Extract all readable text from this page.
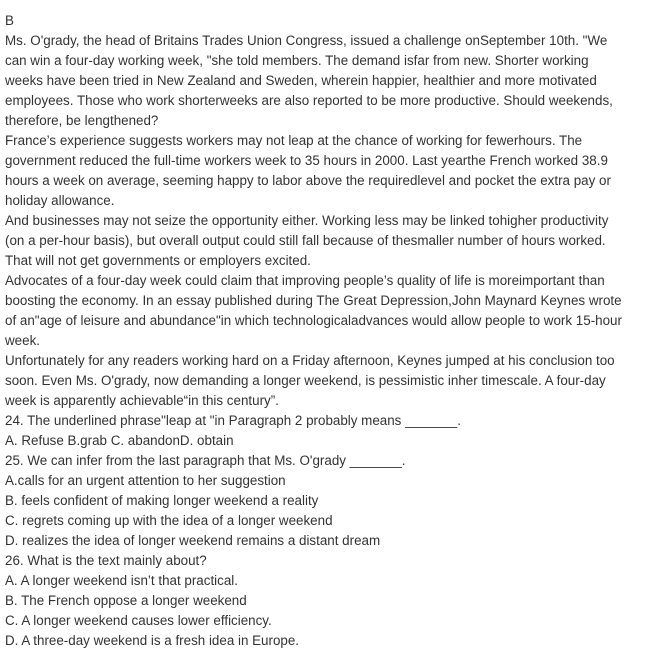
B
Ms. O'grady, the head of Britains Trades Union Congress, issued a challenge onSeptember 10th. "We
can win a four-day working week, "she told members. The demand isfar from new. Shorter working
weeks have been tried in New Zealand and Sweden, wherein happier, healthier and more motivated
employees. Those who work shorterweeks are also reported to be more productive. Should weekends,
therefore, be lengthened?
France’s experience suggests workers may not leap at the chance of working for fewerhours. The
government reduced the full-time workers week to 35 hours in 2000. Last yearthe French worked 38.9
hours a week on average, seeming happy to labor above the requiredlevel and pocket the extra pay or
holiday allowance.
And businesses may not seize the opportunity either. Working less may be linked tohigher productivity
(on a per-hour basis), but overall output could still fall because of thesmaller number of hours worked.
That will not get governments or employers excited.
Advocates of a four-day week could claim that improving people’s quality of life is moreimportant than
boosting the economy. In an essay published during The Great Depression,John Maynard Keynes wrote
of an"age of leisure and abundance"in which technologicaladvances would allow people to work 15-hour
week.
Unfortunately for any readers working hard on a Friday afternoon, Keynes jumped at his conclusion too
soon. Even Ms. O'grady, now demanding a longer weekend, is pessimistic inher timescale. A four-day
week is apparently achievable“in this century”.
24. The underlined phrase"leap at "in Paragraph 2 probably means _______.
A. Refuse B.grab C. abandonD. obtain
25. We can infer from the last paragraph that Ms. O'grady _______.
A.calls for an urgent attention to her suggestion
B. feels confident of making longer weekend a reality
C. regrets coming up with the idea of a longer weekend
D. realizes the idea of longer weekend remains a distant dream
26. What is the text mainly about?
A. A longer weekend isn’t that practical.
B. The French oppose a longer weekend
C. A longer weekend causes lower efficiency.
D. A three-day weekend is a fresh idea in Europe.
